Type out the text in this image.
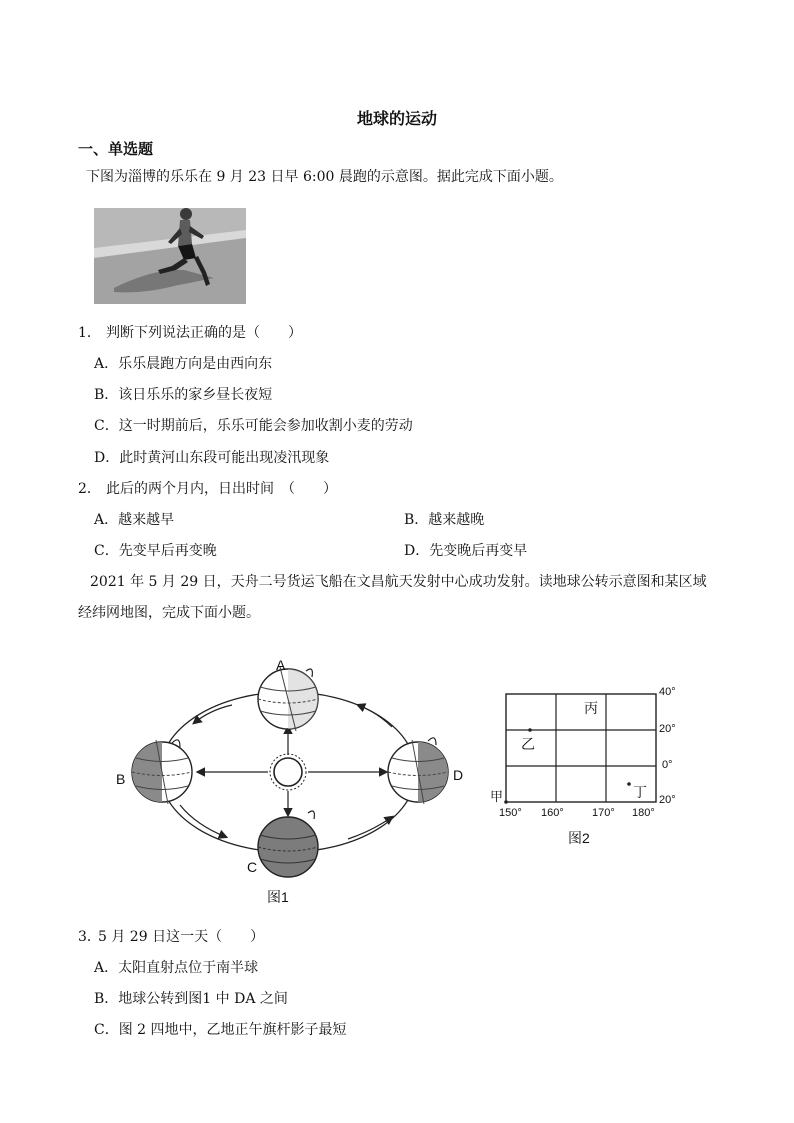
地球的运动
一、单选题
下图为淄博的乐乐在 9 月 23 日早 6:00 晨跑的示意图。据此完成下面小题。
1． 判断下列说法正确的是（　　）
A．乐乐晨跑方向是由西向东
B．该日乐乐的家乡昼长夜短
C．这一时期前后，乐乐可能会参加收割小麦的劳动
D．此时黄河山东段可能出现凌汛现象
2． 此后的两个月内，日出时间　（　　）
A．越来越早	B．越来越晚
C．先变早后再变晚	D．先变晚后再变早
2021 年 5 月 29 日，天舟二号货运飞船在文昌航天发射中心成功发射。读地球公转示意图和某区域
经纬网地图，完成下面小题。
A
B
C
D
图1
甲
乙
丙
丁
40°
20°
0°
20°
150° 160°	170° 180°
图2
3．
5 月 29 日这一天（　　）
A．太阳直射点位于南半球
B．地球公转到图1 中 DA 之间
C．图 2 四地中，乙地正午旗杆影子最短
